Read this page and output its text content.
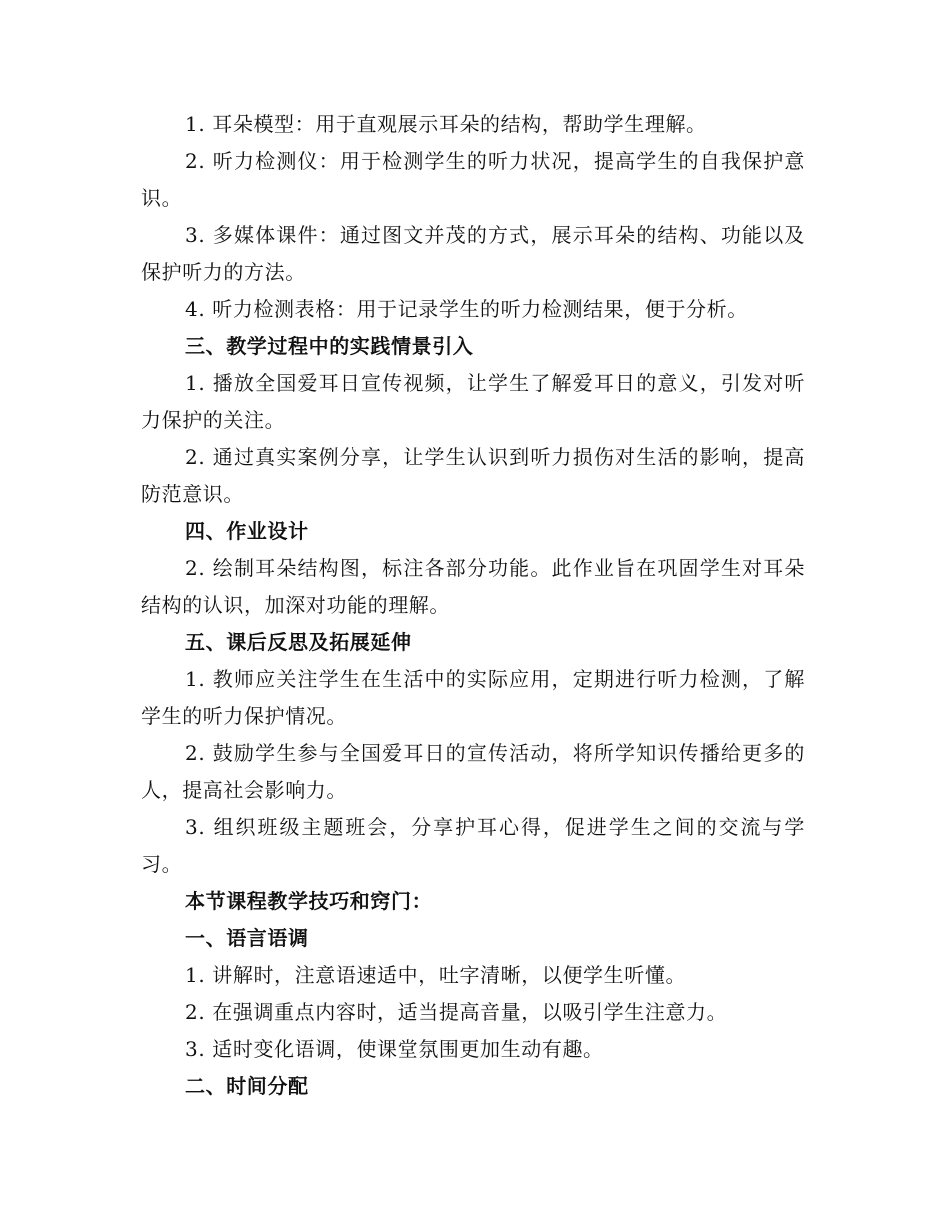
1. 耳朵模型：用于直观展示耳朵的结构，帮助学生理解。

2. 听力检测仪：用于检测学生的听力状况，提高学生的自我保护意识。

3. 多媒体课件：通过图文并茂的方式，展示耳朵的结构、功能以及保护听力的方法。

4. 听力检测表格：用于记录学生的听力检测结果，便于分析。

三、教学过程中的实践情景引入

1. 播放全国爱耳日宣传视频，让学生了解爱耳日的意义，引发对听力保护的关注。

2. 通过真实案例分享，让学生认识到听力损伤对生活的影响，提高防范意识。

四、作业设计

2. 绘制耳朵结构图，标注各部分功能。此作业旨在巩固学生对耳朵结构的认识，加深对功能的理解。

五、课后反思及拓展延伸

1. 教师应关注学生在生活中的实际应用，定期进行听力检测，了解学生的听力保护情况。

2. 鼓励学生参与全国爱耳日的宣传活动，将所学知识传播给更多的人，提高社会影响力。

3. 组织班级主题班会，分享护耳心得，促进学生之间的交流与学习。

本节课程教学技巧和窍门：

一、语言语调

1. 讲解时，注意语速适中，吐字清晰，以便学生听懂。

2. 在强调重点内容时，适当提高音量，以吸引学生注意力。

3. 适时变化语调，使课堂氛围更加生动有趣。

二、时间分配
